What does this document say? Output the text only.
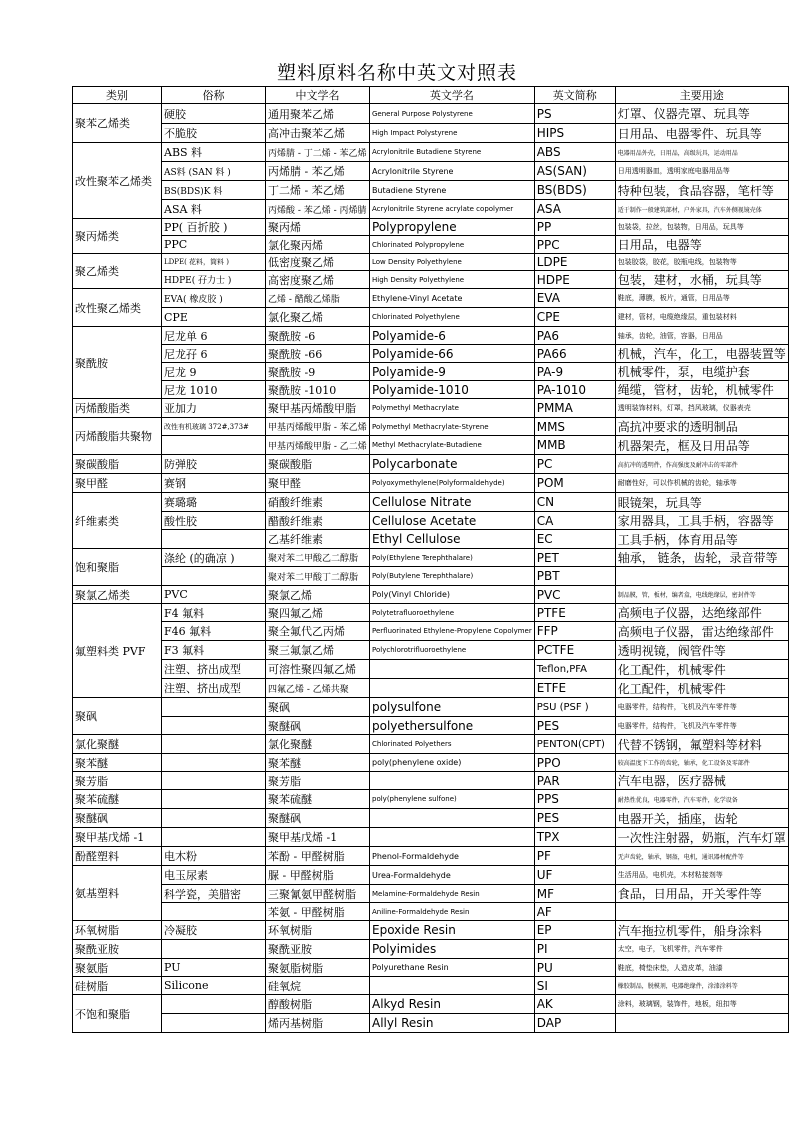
塑料原料名称中英文对照表
类别	俗称	中文学名	英文学名	英文简称	主要用途
聚苯乙烯类	硬胶	通用聚苯乙烯	General Purpose Polystyrene	PS	灯罩、仪器壳罩、玩具等
	不脆胶	高冲击聚苯乙烯	High Impact Polystyrene	HIPS	日用品、电器零件、玩具等
改性聚苯乙烯类	ABS 料	丙烯腈 - 丁二烯 - 苯乙烯	Acrylonitrile Butadiene Styrene	ABS	电器用品外壳，日用品，高级玩具，运动用品
	AS料 (SAN 料 )	丙烯腈 - 苯乙烯	Acrylonitrile Styrene	AS(SAN)	日用透明器皿，透明家庭电器用品等
	BS(BDS)K 料	丁二烯 - 苯乙烯	Butadiene Styrene	BS(BDS)	特种包装，食品容器，笔杆等
	ASA 料	丙烯酸 - 苯乙烯 - 丙烯腈	Acrylonitrile Styrene acrylate copolymer	ASA	适于制作一般建筑部材，户外家具，汽车外侧视镜壳体
聚丙烯类	PP( 百折胶 )	聚丙烯	Polypropylene	PP	包装袋，拉丝，包装物，日用品，玩具等
	PPC	氯化聚丙烯	Chlorinated Polypropylene	PPC	日用品，电器等
聚乙烯类	LDPE( 花料，筒料 )	低密度聚乙烯	Low Density Polyethylene	LDPE	包装胶袋，胶花，胶瓶电线，包装物等
	HDPE( 孖力士 )	高密度聚乙烯	High Density Polyethylene	HDPE	包装，建材，水桶，玩具等
改性聚乙烯类	EVA( 橡皮胶 )	乙烯 - 醋酸乙烯脂	Ethylene-Vinyl Acetate	EVA	鞋底，薄膜，板片，通管，日用品等
	CPE	氯化聚乙烯	Chlorinated Polyethylene	CPE	建材，管材，电缆绝缘层，重包装材料
聚酰胺	尼龙单 6	聚酰胺 -6	Polyamide-6	PA6	轴承，齿轮，油管，容器，日用品
	尼龙孖 6	聚酰胺 -66	Polyamide-66	PA66	机械，汽车，化工，电器装置等
	尼龙 9	聚酰胺 -9	Polyamide-9	PA-9	机械零件，泵，电缆护套
	尼龙 1010	聚酰胺 -1010	Polyamide-1010	PA-1010	绳缆，管材，齿轮，机械零件
丙烯酸脂类	亚加力	聚甲基丙烯酸甲脂	Polymethyl Methacrylate	PMMA	透明装饰材料，灯罩，挡风玻璃，仪器表壳
丙烯酸脂共聚物	改性有机玻璃 372#,373#	甲基丙烯酸甲脂 - 苯乙烯	Polymethyl Methacrylate-Styrene	MMS	高抗冲要求的透明制品
		甲基丙烯酸甲脂 - 乙二烯	Methyl Methacrylate-Butadiene	MMB	机器架壳，框及日用品等
聚碳酸脂	防弹胶	聚碳酸脂	Polycarbonate	PC	高抗冲的透明件，作高强度及耐冲击的零部件
聚甲醛	赛钢	聚甲醛	Polyoxymethylene(Polyformaldehyde)	POM	耐磨性好，可以作机械的齿轮，轴承等
纤维素类	赛璐璐	硝酸纤维素	Cellulose Nitrate	CN	眼镜架，玩具等
	酸性胶	醋酸纤维素	Cellulose Acetate	CA	家用器具，工具手柄，容器等
		乙基纤维素	Ethyl Cellulose	EC	工具手柄，体育用品等
饱和聚脂	涤纶 (的确凉 )	聚对苯二甲酸乙二醇脂	Poly(Ethylene Terephthalare)	PET	轴承， 链条，齿轮，录音带等
		聚对苯二甲酸丁二醇脂	Poly(Butylene Terephthalare)	PBT	
聚氯乙烯类	PVC	聚氯乙烯	Poly(Vinyl Chloride)	PVC	制品膜，管，板材，编者盒，电线绝缘层，密封件等
氟塑料类 PVF	F4 氟料	聚四氟乙烯	Polytetrafluoroethylene	PTFE	高频电子仪器，达绝缘部件
	F46 氟料	聚全氟代乙丙烯	Perfluorinated Ethylene-Propylene Copolymer	FFP	高频电子仪器，雷达绝缘部件
	F3 氟料	聚三氟氯乙烯	Polychlorotrifluoroethylene	PCTFE	透明视镜，阀管件等
	注塑、挤出成型	可溶性聚四氟乙烯		Teflon,PFA	化工配件，机械零件
	注塑、挤出成型	四氟乙烯 - 乙烯共聚		ETFE	化工配件，机械零件
聚砜		聚砜	polysulfone	PSU (PSF )	电器零件，结构件，飞机及汽车零件等
		聚醚砜	polyethersulfone	PES	电器零件，结构件，飞机及汽车零件等
氯化聚醚		氯化聚醚	Chlorinated Polyethers	PENTON(CPT)	代替不锈钢，氟塑料等材料
聚苯醚		聚苯醚	poly(phenylene oxide)	PPO	较高温度下工作的齿轮，轴承，化工设备及零部件
聚芳脂		聚芳脂		PAR	汽车电器，医疗器械
聚苯硫醚		聚苯硫醚	poly(phenylene sulfone)	PPS	耐热性优良，电器零件，汽车零件，化学设备
聚醚砜		聚醚砜		PES	电器开关，插座，齿轮
聚甲基戊烯 -1		聚甲基戊烯 -1		TPX	一次性注射器，奶瓶，汽车灯罩
酚醛塑料	电木粉	苯酚 - 甲醛树脂	Phenol-Formaldehyde	PF	无声齿轮，轴承，钢盔，电机，通讯器材配件等
氨基塑料	电玉尿素	脲 - 甲醛树脂	Urea-Formaldehyde	UF	生活用品，电机壳，木材粘接剂等
	科学瓷，美腊密	三聚氰氨甲醛树脂	Melamine-Formaldehyde Resin	MF	食品，日用品，开关零件等
		苯氨 - 甲醛树脂	Aniline-Formaldehyde Resin	AF	
环氧树脂	冷凝胶	环氧树脂	Epoxide Resin	EP	汽车拖拉机零件，船身涂料
聚酰亚胺		聚酰亚胺	Polyimides	PI	太空，电子，飞机零件，汽车零件
聚氨脂	PU	聚氨脂树脂	Polyurethane Resin	PU	鞋底，椅垫床垫，人造皮革，油漆
硅树脂	Silicone	硅氧烷		SI	橡胶制品，脱模剂，电器绝缘件，涂漆涂料等
不饱和聚脂		醇酸树脂	Alkyd Resin	AK	涂料，玻璃钢，装饰件，地板，纽扣等
		烯丙基树脂	Allyl Resin	DAP	
